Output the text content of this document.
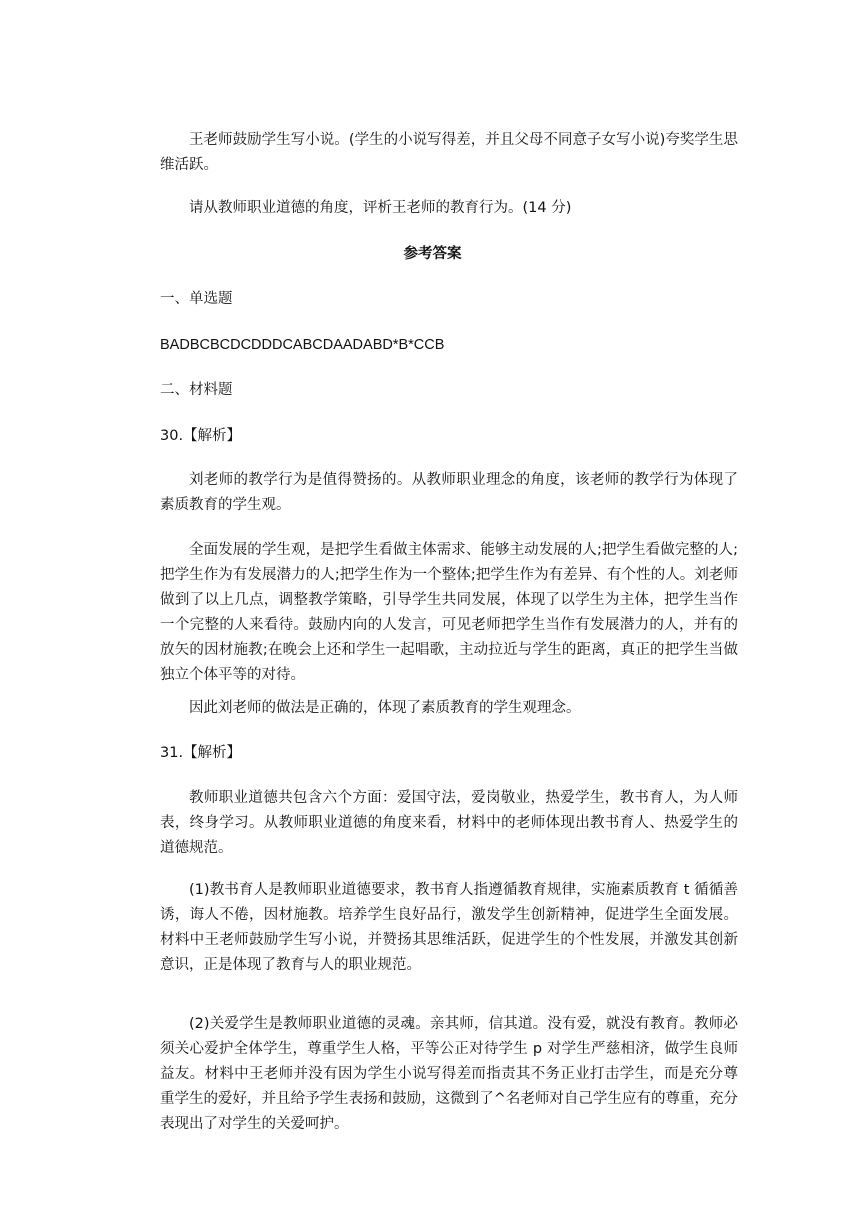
王老师鼓励学生写小说。(学生的小说写得差，并且父母不同意子女写小说)夸奖学生思维活跃。
请从教师职业道德的角度，评析王老师的教育行为。(14 分)
参考答案
一、单选题
BADBCBCDCDDDCABCDAADABD*B*CCB
二、材料题
30.【解析】
刘老师的教学行为是值得赞扬的。从教师职业理念的角度，该老师的教学行为体现了素质教育的学生观。
全面发展的学生观，是把学生看做主体需求、能够主动发展的人;把学生看做完整的人;把学生作为有发展潜力的人;把学生作为一个整体;把学生作为有差异、有个性的人。刘老师做到了以上几点，调整教学策略，引导学生共同发展，体现了以学生为主体，把学生当作一个完整的人来看待。鼓励内向的人发言，可见老师把学生当作有发展潜力的人，并有的放矢的因材施教;在晚会上还和学生一起唱歌，主动拉近与学生的距离，真正的把学生当做独立个体平等的对待。
因此刘老师的做法是正确的，体现了素质教育的学生观理念。
31.【解析】
教师职业道德共包含六个方面：爱国守法，爱岗敬业，热爱学生，教书育人，为人师表，终身学习。从教师职业道德的角度来看，材料中的老师体现出教书育人、热爱学生的道德规范。
(1)教书育人是教师职业道德要求，教书育人指遵循教育规律，实施素质教育 t 循循善诱，诲人不倦，因材施教。培养学生良好品行，激发学生创新精神，促进学生全面发展。材料中王老师鼓励学生写小说，并赞扬其思维活跃，促进学生的个性发展，并激发其创新意识，正是体现了教育与人的职业规范。
(2)关爱学生是教师职业道德的灵魂。亲其师，信其道。没有爱，就没有教育。教师必须关心爱护全体学生，尊重学生人格，平等公正对待学生 p 对学生严慈相济，做学生良师益友。材料中王老师并没有因为学生小说写得差而指责其不务正业打击学生，而是充分尊重学生的爱好，并且给予学生表扬和鼓励，这微到了^名老师对自己学生应有的尊重，充分表现出了对学生的关爱呵护。
